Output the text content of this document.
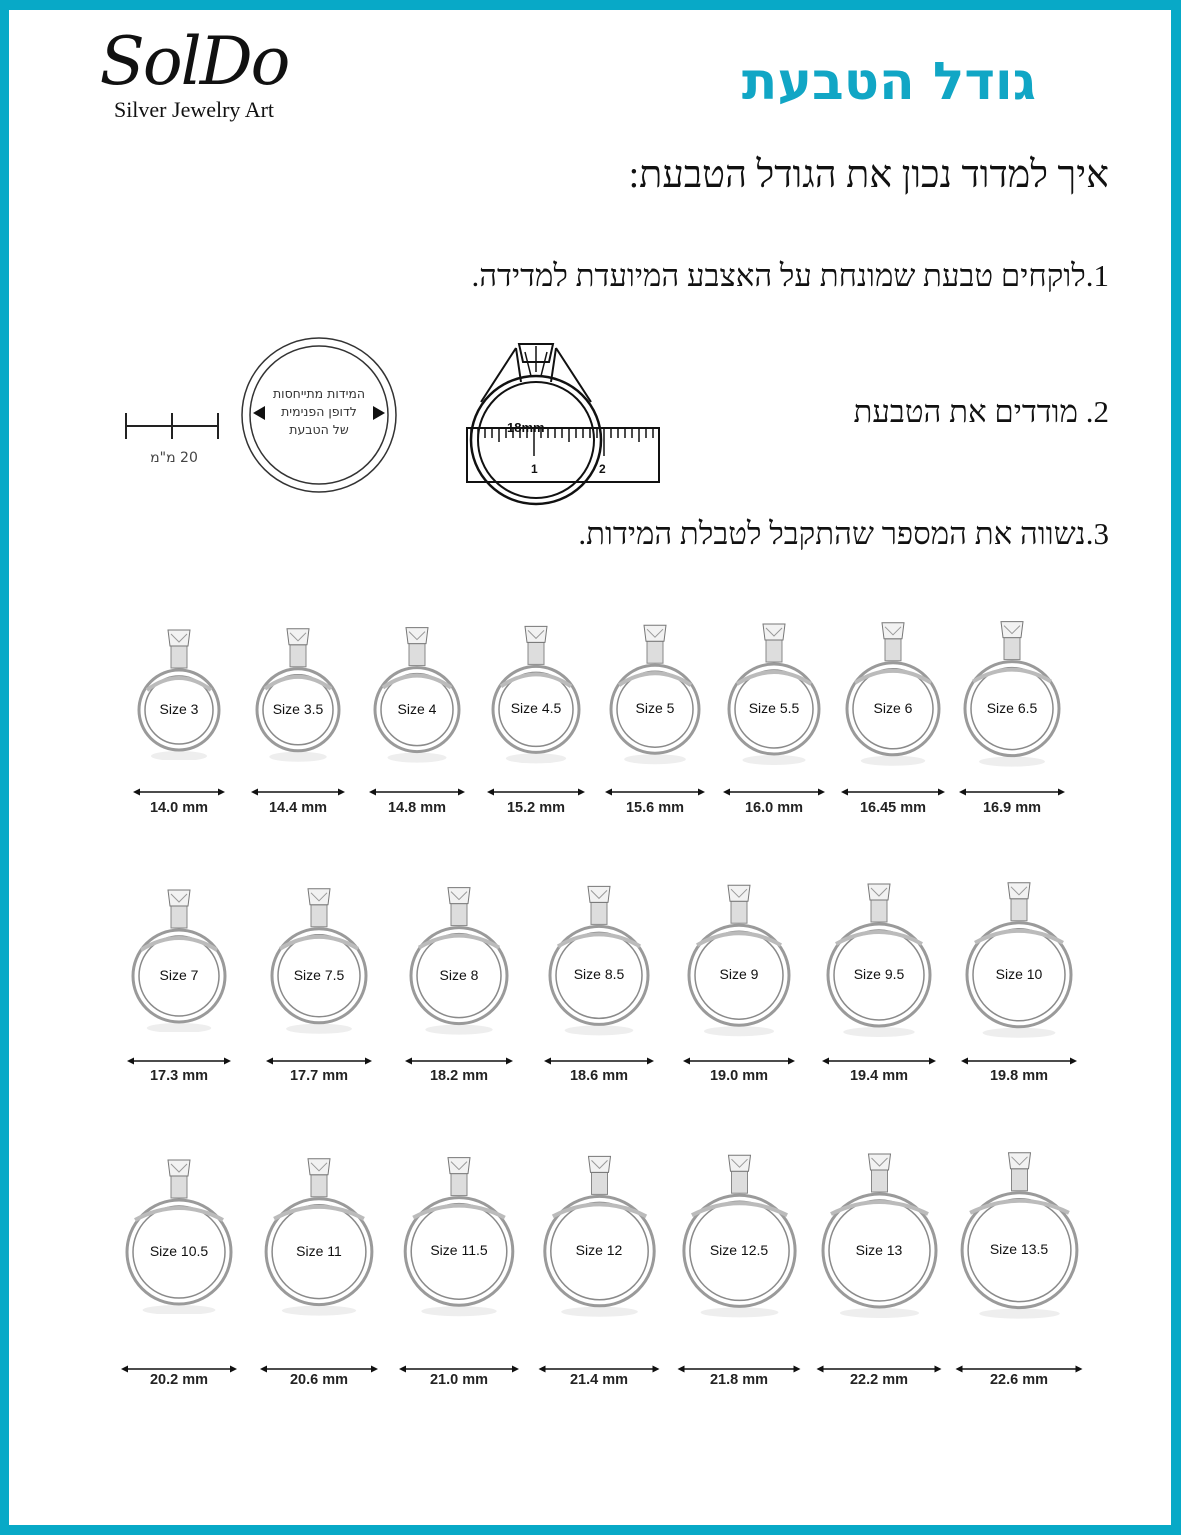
SolDo
Silver Jewelry Art	גודל הטבעת
איך למדוד נכון את הגודל הטבעת:
1.לוקחים טבעת שמונחת על האצבע המיועדת למדידה.
2. מודדים את הטבעת
3.נשווה את המספר שהתקבל לטבלת המידות.
20 מ"מ
המידות מתייחסות
לדופן הפנימית
של הטבעת
1	2
18mm
Size 3
14.0 mm
Size 3.5
14.4 mm
Size 4
14.8 mm
Size 4.5
15.2 mm
Size 5
15.6 mm
Size 5.5
16.0 mm
Size 6
16.45 mm
Size 6.5
16.9 mm
Size 7
17.3 mm
Size 7.5
17.7 mm
Size 8
18.2 mm
Size 8.5
18.6 mm
Size 9
19.0 mm
Size 9.5
19.4 mm
Size 10
19.8 mm
Size 10.5
20.2 mm
Size 11
20.6 mm
Size 11.5
21.0 mm
Size 12
21.4 mm
Size 12.5
21.8 mm
Size 13
22.2 mm
Size 13.5
22.6 mm
